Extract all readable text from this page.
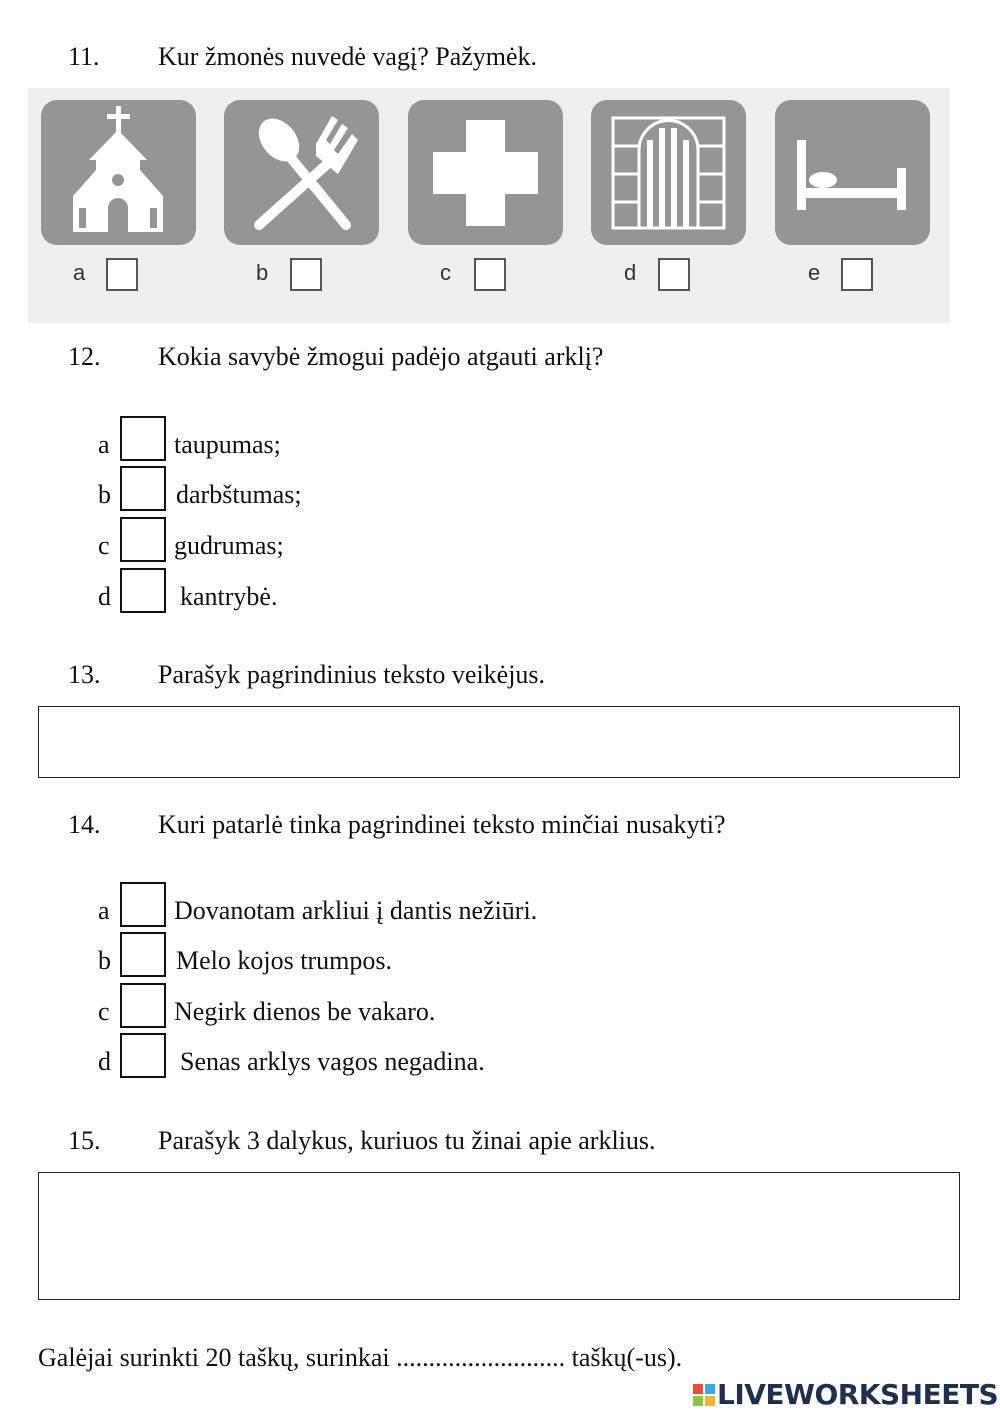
11. Kur žmonės nuvedė vagį? Pažymėk.
a	b	c	d	e
12. Kokia savybė žmogui padėjo atgauti arklį?
a taupumas;
b	darbštumas;
c gudrumas;
d	kantrybė.
13. Parašyk pagrindinius teksto veikėjus.
14. Kuri patarlė tinka pagrindinei teksto minčiai nusakyti?
a Dovanotam arkliui į dantis nežiūri.
b	Melo kojos trumpos.
c Negirk dienos be vakaro.
d	Senas arklys vagos negadina.
15. Parašyk 3 dalykus, kuriuos tu žinai apie arklius.
Galėjai surinkti 20 taškų, surinkai .......................... taškų(-us).
LIVEWORKSHEETS
